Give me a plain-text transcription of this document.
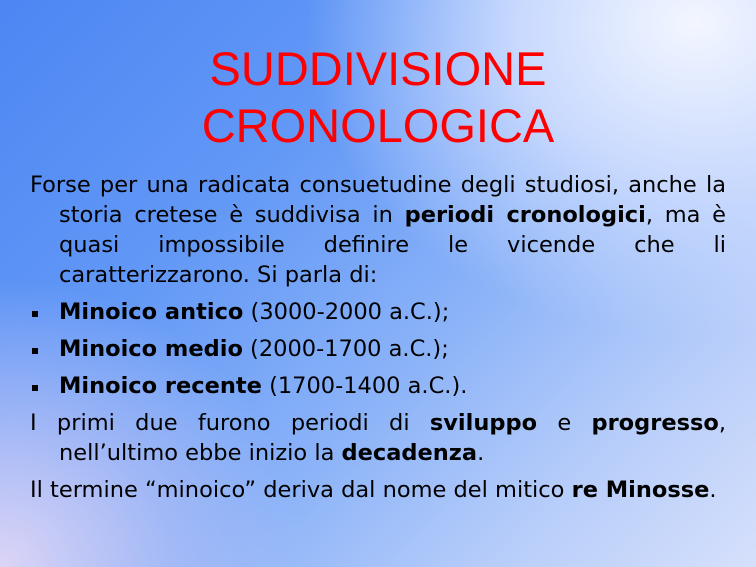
SUDDIVISIONE
CRONOLOGICA

Forse per una radicata consuetudine degli studiosi, anche la storia cretese è suddivisa in periodi cronologici, ma è quasi impossibile definire le vicende che li caratterizzarono. Si parla di:

Minoico antico (3000-2000 a.C.);
Minoico medio (2000-1700 a.C.);
Minoico recente (1700-1400 a.C.).

I primi due furono periodi di sviluppo e progresso, nell’ultimo ebbe inizio la decadenza.

Il termine “minoico” deriva dal nome del mitico re Minosse.
